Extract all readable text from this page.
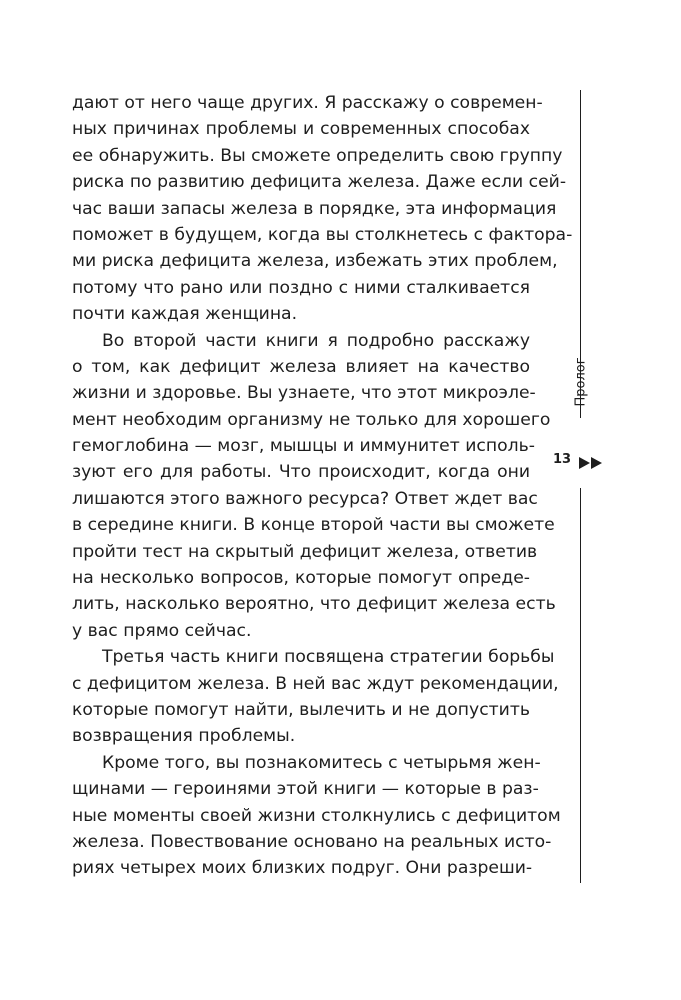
дают от него чаще других. Я расскажу о современ-
ных причинах проблемы и современных способах
ее обнаружить. Вы сможете определить свою группу
риска по развитию дефицита железа. Даже если сей-
час ваши запасы железа в порядке, эта информация
поможет в будущем, когда вы столкнетесь с фактора-
ми риска дефицита железа, избежать этих проблем,
потому что рано или поздно с ними сталкивается
почти каждая женщина.
Во второй части книги я подробно расскажу
о том, как дефицит железа влияет на качество
жизни и здоровье. Вы узнаете, что этот микроэле-
мент необходим организму не только для хорошего
гемоглобина — мозг, мышцы и иммунитет исполь-
зуют его для работы. Что происходит, когда они
лишаются этого важного ресурса? Ответ ждет вас
в середине книги. В конце второй части вы сможете
пройти тест на скрытый дефицит железа, ответив
на несколько вопросов, которые помогут опреде-
лить, насколько вероятно, что дефицит железа есть
у вас прямо сейчас.
Третья часть книги посвящена стратегии борьбы
с дефицитом железа. В ней вас ждут рекомендации,
которые помогут найти, вылечить и не допустить
возвращения проблемы.
Кроме того, вы познакомитесь с четырьмя жен-
щинами — героинями этой книги — которые в раз-
ные моменты своей жизни столкнулись с дефицитом
железа. Повествование основано на реальных исто-
риях четырех моих близких подруг. Они разреши-
Пролог
13
